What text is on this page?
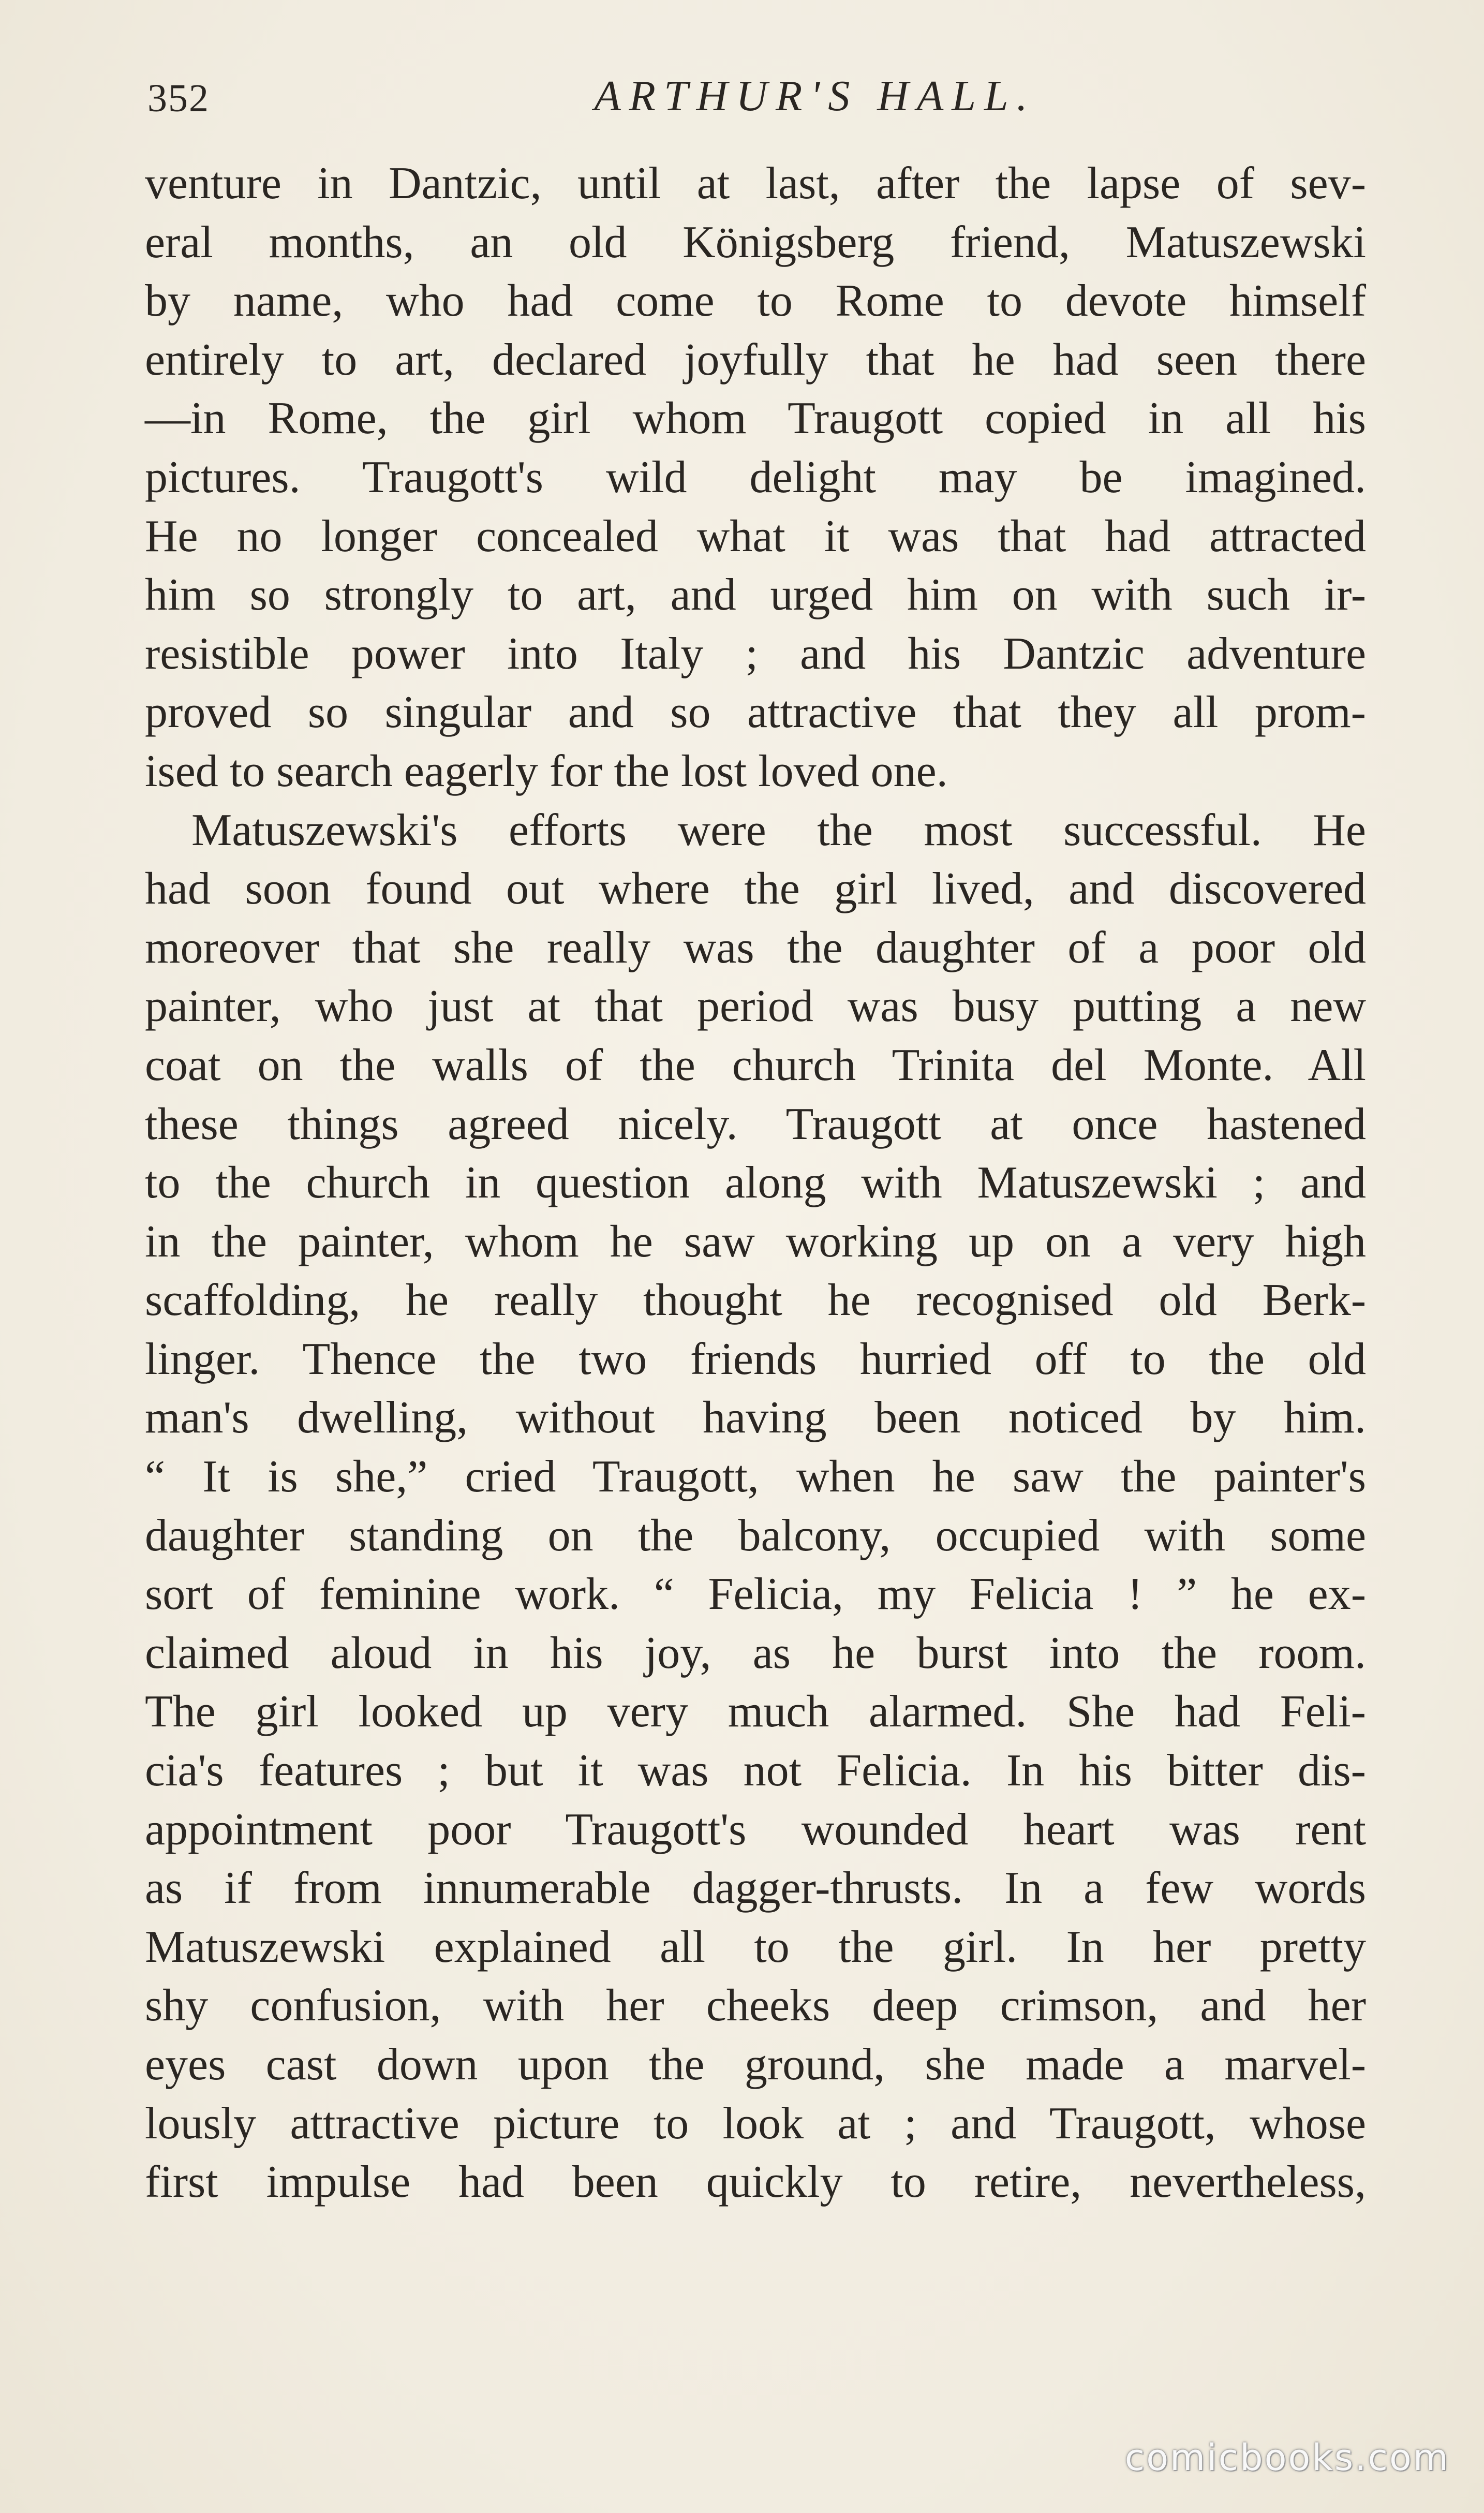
352	ARTHUR'S HALL.
venture in Dantzic, until at last, after the lapse of sev-
eral months, an old Königsberg friend, Matuszewski
by name, who had come to Rome to devote himself
entirely to art, declared joyfully that he had seen there
—in Rome, the girl whom Traugott copied in all his
pictures. Traugott's wild delight may be imagined.
He no longer concealed what it was that had attracted
him so strongly to art, and urged him on with such ir-
resistible power into Italy ; and his Dantzic adventure
proved so singular and so attractive that they all prom-
ised to search eagerly for the lost loved one.
Matuszewski's efforts were the most successful. He
had soon found out where the girl lived, and discovered
moreover that she really was the daughter of a poor old
painter, who just at that period was busy putting a new
coat on the walls of the church Trinita del Monte. All
these things agreed nicely. Traugott at once hastened
to the church in question along with Matuszewski ; and
in the painter, whom he saw working up on a very high
scaffolding, he really thought he recognised old Berk-
linger. Thence the two friends hurried off to the old
man's dwelling, without having been noticed by him.
“ It is she,” cried Traugott, when he saw the painter's
daughter standing on the balcony, occupied with some
sort of feminine work. “ Felicia, my Felicia ! ” he ex-
claimed aloud in his joy, as he burst into the room.
The girl looked up very much alarmed. She had Feli-
cia's features ; but it was not Felicia. In his bitter dis-
appointment poor Traugott's wounded heart was rent
as if from innumerable dagger-thrusts. In a few words
Matuszewski explained all to the girl. In her pretty
shy confusion, with her cheeks deep crimson, and her
eyes cast down upon the ground, she made a marvel-
lously attractive picture to look at ; and Traugott, whose
first impulse had been quickly to retire, nevertheless,
comicbooks.com
